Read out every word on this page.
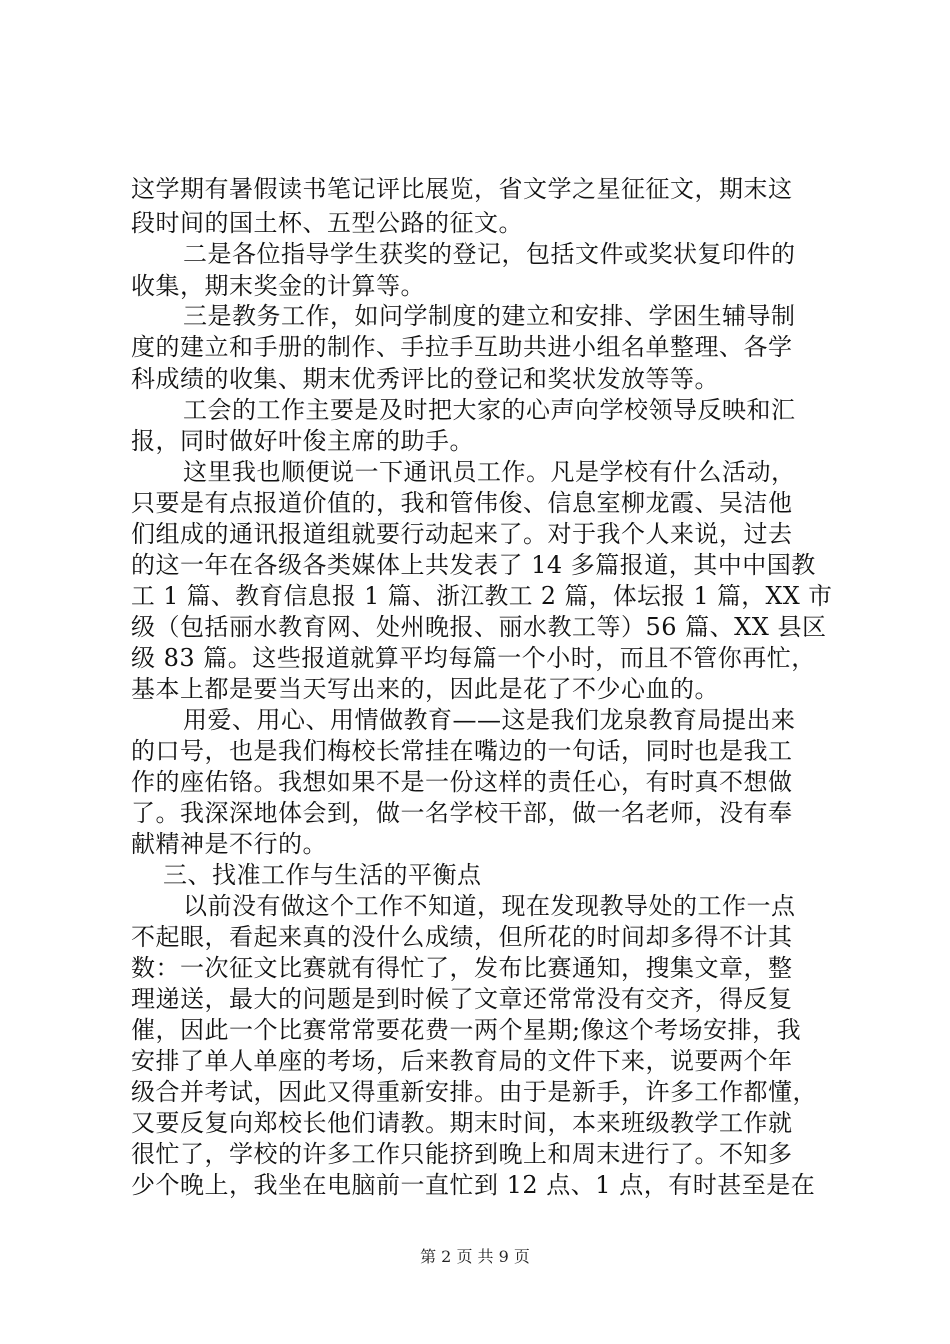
这学期有暑假读书笔记评比展览，省文学之星征征文，期末这
段时间的国土杯、五型公路的征文。
二是各位指导学生获奖的登记，包括文件或奖状复印件的
收集，期末奖金的计算等。
三是教务工作，如问学制度的建立和安排、学困生辅导制
度的建立和手册的制作、手拉手互助共进小组名单整理、各学
科成绩的收集、期末优秀评比的登记和奖状发放等等。
工会的工作主要是及时把大家的心声向学校领导反映和汇
报，同时做好叶俊主席的助手。
这里我也顺便说一下通讯员工作。凡是学校有什么活动，
只要是有点报道价值的，我和管伟俊、信息室柳龙霞、吴洁他
们组成的通讯报道组就要行动起来了。对于我个人来说，过去
的这一年在各级各类媒体上共发表了 14 多篇报道，其中中国教
工 1 篇、教育信息报 1 篇、浙江教工 2 篇，体坛报 1 篇，XX 市
级（包括丽水教育网、处州晚报、丽水教工等）56 篇、XX 县区
级 83 篇。这些报道就算平均每篇一个小时，而且不管你再忙，
基本上都是要当天写出来的，因此是花了不少心血的。
用爱、用心、用情做教育——这是我们龙泉教育局提出来
的口号，也是我们梅校长常挂在嘴边的一句话，同时也是我工
作的座佑铬。我想如果不是一份这样的责任心，有时真不想做
了。我深深地体会到，做一名学校干部，做一名老师，没有奉
献精神是不行的。
三、找准工作与生活的平衡点
以前没有做这个工作不知道，现在发现教导处的工作一点
不起眼，看起来真的没什么成绩，但所花的时间却多得不计其
数：一次征文比赛就有得忙了，发布比赛通知，搜集文章，整
理递送，最大的问题是到时候了文章还常常没有交齐，得反复
催，因此一个比赛常常要花费一两个星期;像这个考场安排，我
安排了单人单座的考场，后来教育局的文件下来，说要两个年
级合并考试，因此又得重新安排。由于是新手，许多工作都懂，
又要反复向郑校长他们请教。期末时间，本来班级教学工作就
很忙了，学校的许多工作只能挤到晚上和周末进行了。不知多
少个晚上，我坐在电脑前一直忙到 12 点、1 点，有时甚至是在
第 2 页 共 9 页
